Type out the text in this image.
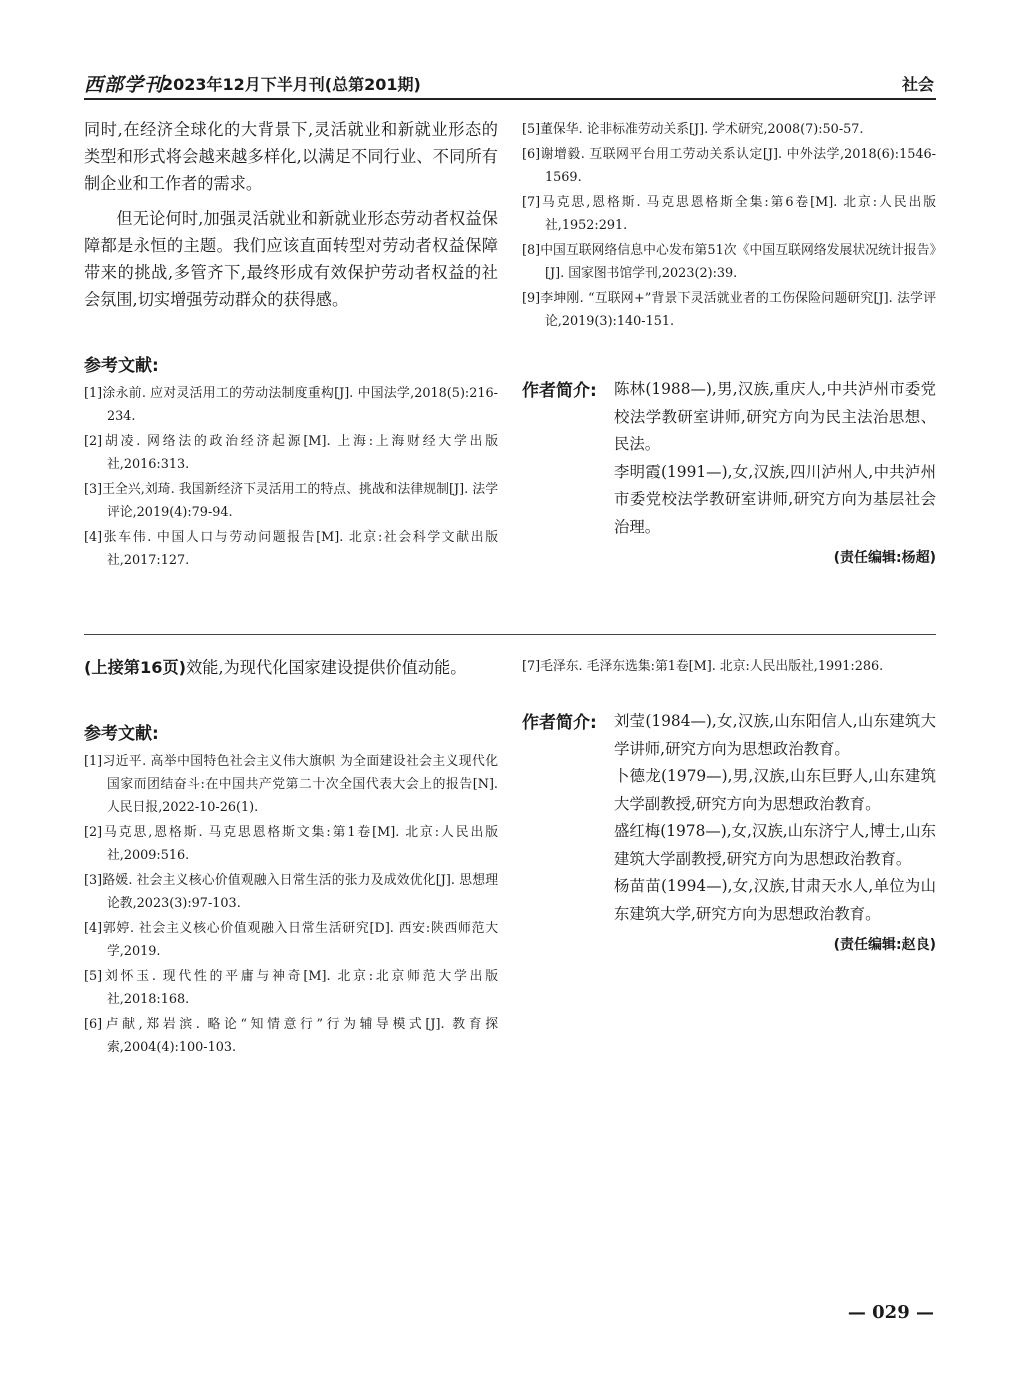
西部学刊
2023年12月下半月刊(总第201期)	社会

同时,在经济全球化的大背景下,灵活就业和新就业形态的类型和形式将会越来越多样化,以满足不同行业、不同所有制企业和工作者的需求。

但无论何时,加强灵活就业和新就业形态劳动者权益保障都是永恒的主题。我们应该直面转型对劳动者权益保障带来的挑战,多管齐下,最终形成有效保护劳动者权益的社会氛围,切实增强劳动群众的获得感。

参考文献:

[1]涂永前. 应对灵活用工的劳动法制度重构[J]. 中国法学,2018(5):216-234.

[2]胡凌. 网络法的政治经济起源[M]. 上海:上海财经大学出版社,2016:313.

[3]王全兴,刘琦. 我国新经济下灵活用工的特点、挑战和法律规制[J]. 法学评论,2019(4):79-94.

[4]张车伟. 中国人口与劳动问题报告[M]. 北京:社会科学文献出版社,2017:127.

[5]董保华. 论非标准劳动关系[J]. 学术研究,2008(7):50-57.

[6]谢增毅. 互联网平台用工劳动关系认定[J]. 中外法学,2018(6):1546-1569.

[7]马克思,恩格斯. 马克思恩格斯全集:第6卷[M]. 北京:人民出版社,1952:291.

[8]中国互联网络信息中心发布第51次《中国互联网络发展状况统计报告》[J]. 国家图书馆学刊,2023(2):39.

[9]李坤刚. “互联网+”背景下灵活就业者的工伤保险问题研究[J]. 法学评论,2019(3):140-151.

作者简介: 陈林(1988—),男,汉族,重庆人,中共泸州市委党校法学教研室讲师,研究方向为民主法治思想、民法。

李明霞(1991—),女,汉族,四川泸州人,中共泸州市委党校法学教研室讲师,研究方向为基层社会治理。

(责任编辑:杨超)

(上接第16页)效能,为现代化国家建设提供价值动能。

参考文献:

[1]习近平. 高举中国特色社会主义伟大旗帜 为全面建设社会主义现代化国家而团结奋斗:在中国共产党第二十次全国代表大会上的报告[N]. 人民日报,2022-10-26(1).

[2]马克思,恩格斯. 马克思恩格斯文集:第1卷[M]. 北京:人民出版社,2009:516.

[3]路媛. 社会主义核心价值观融入日常生活的张力及成效优化[J]. 思想理论教,2023(3):97-103.

[4]郭婷. 社会主义核心价值观融入日常生活研究[D]. 西安:陕西师范大学,2019.

[5]刘怀玉. 现代性的平庸与神奇[M]. 北京:北京师范大学出版社,2018:168.

[6]卢献,郑岩滨. 略论“知情意行”行为辅导模式[J]. 教育探索,2004(4):100-103.

[7]毛泽东. 毛泽东选集:第1卷[M]. 北京:人民出版社,1991:286.

作者简介: 刘莹(1984—),女,汉族,山东阳信人,山东建筑大学讲师,研究方向为思想政治教育。

卜德龙(1979—),男,汉族,山东巨野人,山东建筑大学副教授,研究方向为思想政治教育。

盛红梅(1978—),女,汉族,山东济宁人,博士,山东建筑大学副教授,研究方向为思想政治教育。

杨苗苗(1994—),女,汉族,甘肃天水人,单位为山东建筑大学,研究方向为思想政治教育。

(责任编辑:赵良)

— 029 —
